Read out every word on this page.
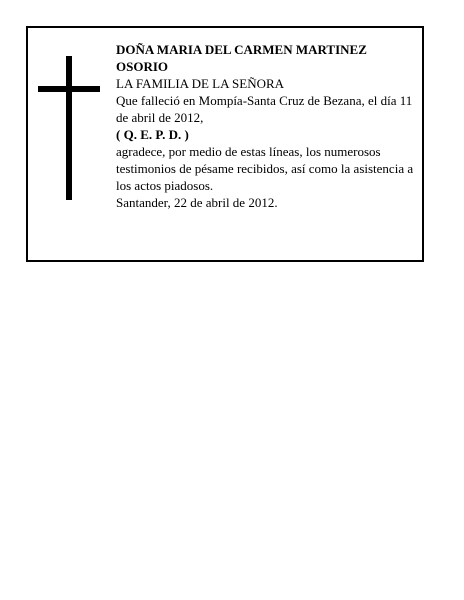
DOÑA MARIA DEL CARMEN MARTINEZ OSORIO

LA FAMILIA DE LA SEÑORA

Que falleció en Mompía-Santa Cruz de Bezana, el día 11 de abril de 2012,

( Q. E. P. D. )

agradece, por medio de estas líneas, los numerosos testimonios de pésame recibidos, así como la asistencia a los actos piadosos.

Santander, 22 de abril de 2012.
